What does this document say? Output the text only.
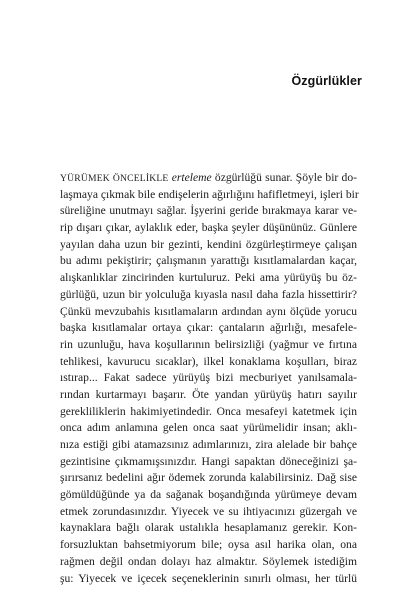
Özgürlükler
YÜRÜMEK ÖNCELİKLE erteleme özgürlüğü sunar. Şöyle bir do-
laşmaya çıkmak bile endişelerin ağırlığını hafifletmeyi, işleri bir
süreliğine unutmayı sağlar. İşyerini geride bırakmaya karar ve-
rip dışarı çıkar, aylaklık eder, başka şeyler düşününüz. Günlere
yayılan daha uzun bir gezinti, kendini özgürleştirmeye çalışan
bu adımı pekiştirir; çalışmanın yarattığı kısıtlamalardan kaçar,
alışkanlıklar zincirinden kurtuluruz. Peki ama yürüyüş bu öz-
gürlüğü, uzun bir yolculuğa kıyasla nasıl daha fazla hissettirir?
Çünkü mevzubahis kısıtlamaların ardından aynı ölçüde yorucu
başka kısıtlamalar ortaya çıkar: çantaların ağırlığı, mesafele-
rin uzunluğu, hava koşullarının belirsizliği (yağmur ve fırtına
tehlikesi, kavurucu sıcaklar), ilkel konaklama koşulları, biraz
ıstırap... Fakat sadece yürüyüş bizi mecburiyet yanılsamala-
rından kurtarmayı başarır. Öte yandan yürüyüş hatırı sayılır
gerekliliklerin hakimiyetindedir. Onca mesafeyi katetmek için
onca adım anlamına gelen onca saat yürümelidir insan; aklı-
nıza estiği gibi atamazsınız adımlarınızı, zira alelade bir bahçe
gezintisine çıkmamışsınızdır. Hangi sapaktan döneceğinizi şa-
şırırsanız bedelini ağır ödemek zorunda kalabilirsiniz. Dağ sise
gömüldüğünde ya da sağanak boşandığında yürümeye devam
etmek zorundasınızdır. Yiyecek ve su ihtiyacınızı güzergah ve
kaynaklara bağlı olarak ustalıkla hesaplamanız gerekir. Kon-
forsuzluktan bahsetmiyorum bile; oysa asıl harika olan, ona
rağmen değil ondan dolayı haz almaktır. Söylemek istediğim
şu: Yiyecek ve içecek seçeneklerinin sınırlı olması, her türlü
